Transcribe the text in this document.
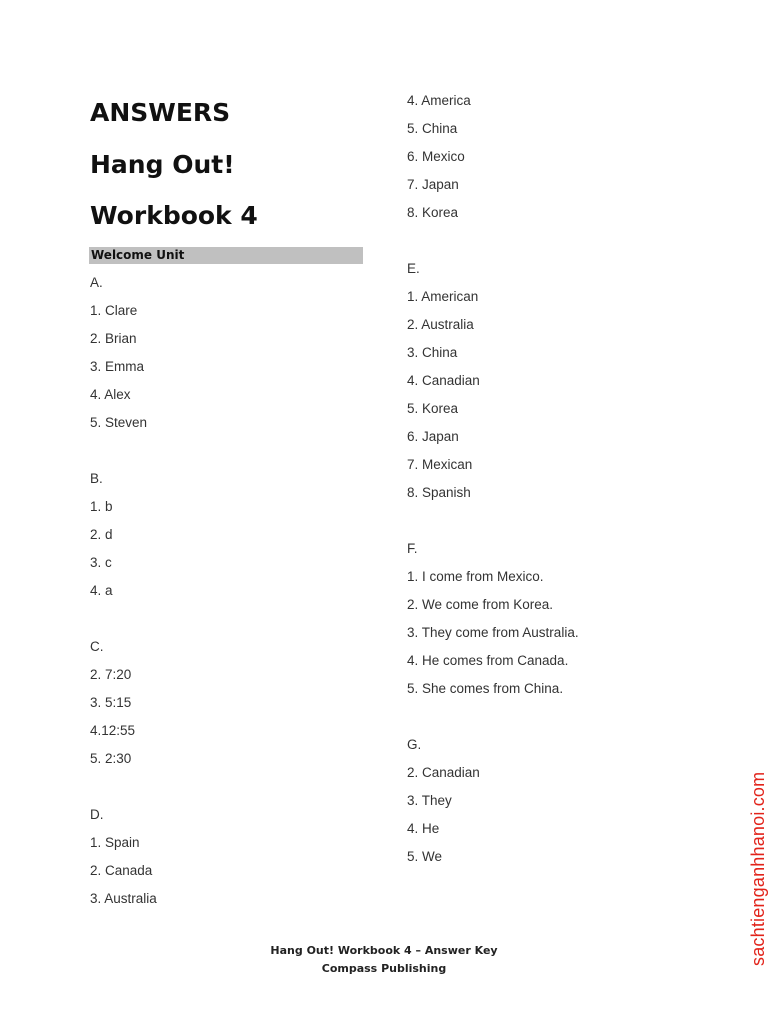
ANSWERS
Hang Out!
Workbook 4
Welcome Unit
A.
1. Clare
2. Brian
3. Emma
4. Alex
5. Steven
B.
1. b
2. d
3. c
4. a
C.
2. 7:20
3. 5:15
4.12:55
5. 2:30
D.
1. Spain
2. Canada
3. Australia
4. America
5. China
6. Mexico
7. Japan
8. Korea
E.
1. American
2. Australia
3. China
4. Canadian
5. Korea
6. Japan
7. Mexican
8. Spanish
F.
1. I come from Mexico.
2. We come from Korea.
3. They come from Australia.
4. He comes from Canada.
5. She comes from China.
G.
2. Canadian
3. They
4. He
5. We
Hang Out! Workbook 4 – Answer Key
Compass Publishing
sachtienganhhanoi.com
